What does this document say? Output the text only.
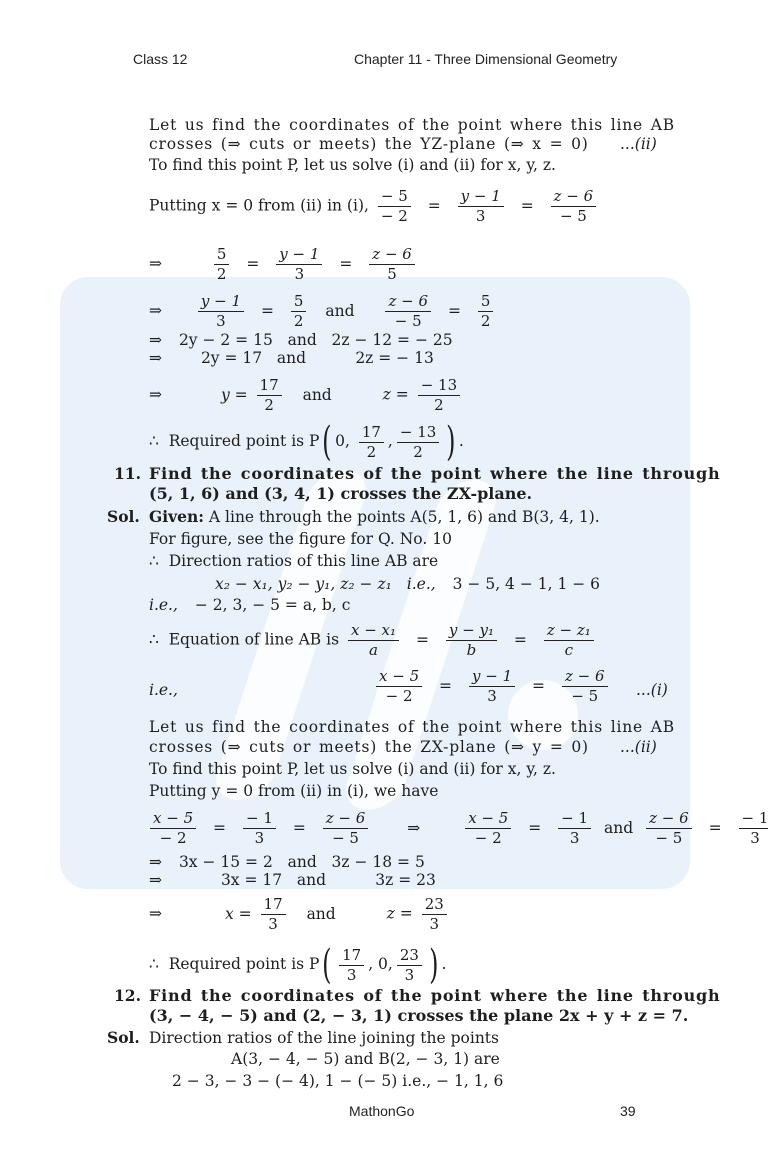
Class 12	Chapter 11 - Three Dimensional Geometry
Let us find the coordinates of the point where this line AB
crosses (⇒ cuts or meets) the YZ-plane (⇒ x = 0) ...(ii)
To find this point P, let us solve (i) and (ii) for x, y, z.
Putting x = 0 from (ii) in (i), $\frac{- 5}{- 2} = \frac{y - 1}{3} = \frac{z - 6}{- 5}$
⇒	$\frac{5}{2} = \frac{y - 1}{3} = \frac{z - 6}{5}$
⇒ $\frac{y - 1}{3} = \frac{5}{2}$ and $\frac{z - 6}{- 5} = \frac{5}{2}$
⇒ 2y − 2 = 15   and   2z − 12 = − 25
⇒	2y = 17   and          2z = − 13
⇒	$y = \frac{17}{2}$ and	$z = \frac{- 13}{2}$
∴  Required point is P( 0, $\frac{17}{2}$ , $\frac{- 13}{2}$ ) .
11. Find the coordinates of the point where the line through
(5, 1, 6) and (3, 4, 1) crosses the ZX-plane.
Sol. Given: A line through the points A(5, 1, 6) and B(3, 4, 1).
For figure, see the figure for Q. No. 10
∴  Direction ratios of this line AB are
x₂ − x₁, y₂ − y₁, z₂ − z₁ i.e., 3 − 5, 4 − 1, 1 − 6
i.e., − 2, 3, − 5 = a, b, c
∴  Equation of line AB is $\frac{\text{x − x₁}}{a} = \frac{\text{y − y₁}}{b} = \frac{\text{z − z₁}}{c}$
i.e.,	$\frac{x - 5}{- 2} = \frac{y - 1}{3} = \frac{z - 6}{- 5} ...(i)$
Let us find the coordinates of the point where this line AB
crosses (⇒ cuts or meets) the ZX-plane (⇒ y = 0) ...(ii)
To find this point P, let us solve (i) and (ii) for x, y, z.
Putting y = 0 from (ii) in (i), we have
$\frac{x - 5}{- 2} = \frac{- 1}{3} = \frac{z - 6}{- 5}$	⇒	$\frac{x - 5}{- 2} = \frac{- 1}{3}$ and $\frac{z - 6}{- 5} = \frac{- 1}{3}$
⇒ 3x − 15 = 2   and   3z − 18 = 5
⇒	3x = 17   and          3z = 23
⇒	$x = \frac{17}{3}$ and	$z = \frac{23}{3}$
∴  Required point is $P( \frac{17}{3}$ , 0, $\frac{23}{3}$ ) .
12. Find the coordinates of the point where the line through
(3, − 4, − 5) and (2, − 3, 1) crosses the plane 2x + y + z = 7.
Sol. Direction ratios of the line joining the points
A(3, − 4, − 5) and B(2, − 3, 1) are
2 − 3, − 3 − (− 4), 1 − (− 5) i.e., − 1, 1, 6
MathonGo	39
